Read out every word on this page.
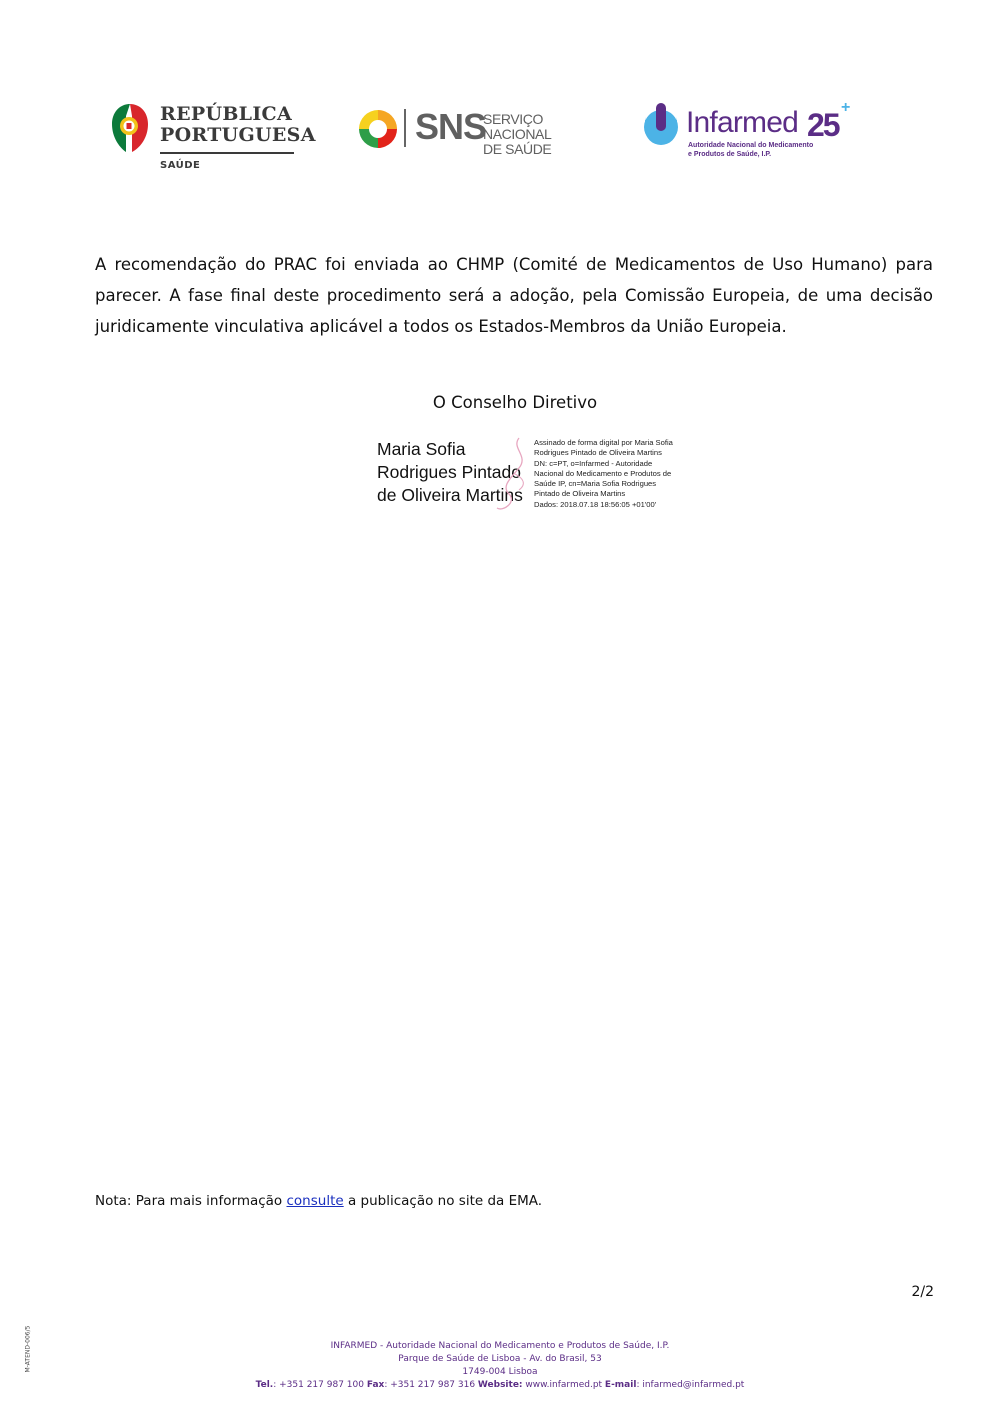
REPÚBLICA
PORTUGUESA
SAÚDE
SNS
SERVIÇO NACIONAL
DE SAÚDE
Infarmed 25 +
Autoridade Nacional do Medicamento
e Produtos de Saúde, I.P.
A recomendação do PRAC foi enviada ao CHMP (Comité de Medicamentos de Uso Humano) para parecer. A fase final deste procedimento será a adoção, pela Comissão Europeia, de uma decisão juridicamente vinculativa aplicável a todos os Estados-Membros da União Europeia.
O Conselho Diretivo
Maria Sofia
Rodrigues Pintado
de Oliveira Martins
Assinado de forma digital por Maria Sofia
Rodrigues Pintado de Oliveira Martins
DN: c=PT, o=Infarmed - Autoridade
Nacional do Medicamento e Produtos de
Saúde IP, cn=Maria Sofia Rodrigues
Pintado de Oliveira Martins
Dados: 2018.07.18 18:56:05 +01'00'
Nota: Para mais informação consulte a publicação no site da EMA.
2/2
M-ATEND-006/5	INFARMED - Autoridade Nacional do Medicamento e Produtos de Saúde, I.P.
Parque de Saúde de Lisboa - Av. do Brasil, 53
1749-004 Lisboa
Tel.: +351 217 987 100 Fax: +351 217 987 316 Website: www.infarmed.pt E-mail: infarmed@infarmed.pt
